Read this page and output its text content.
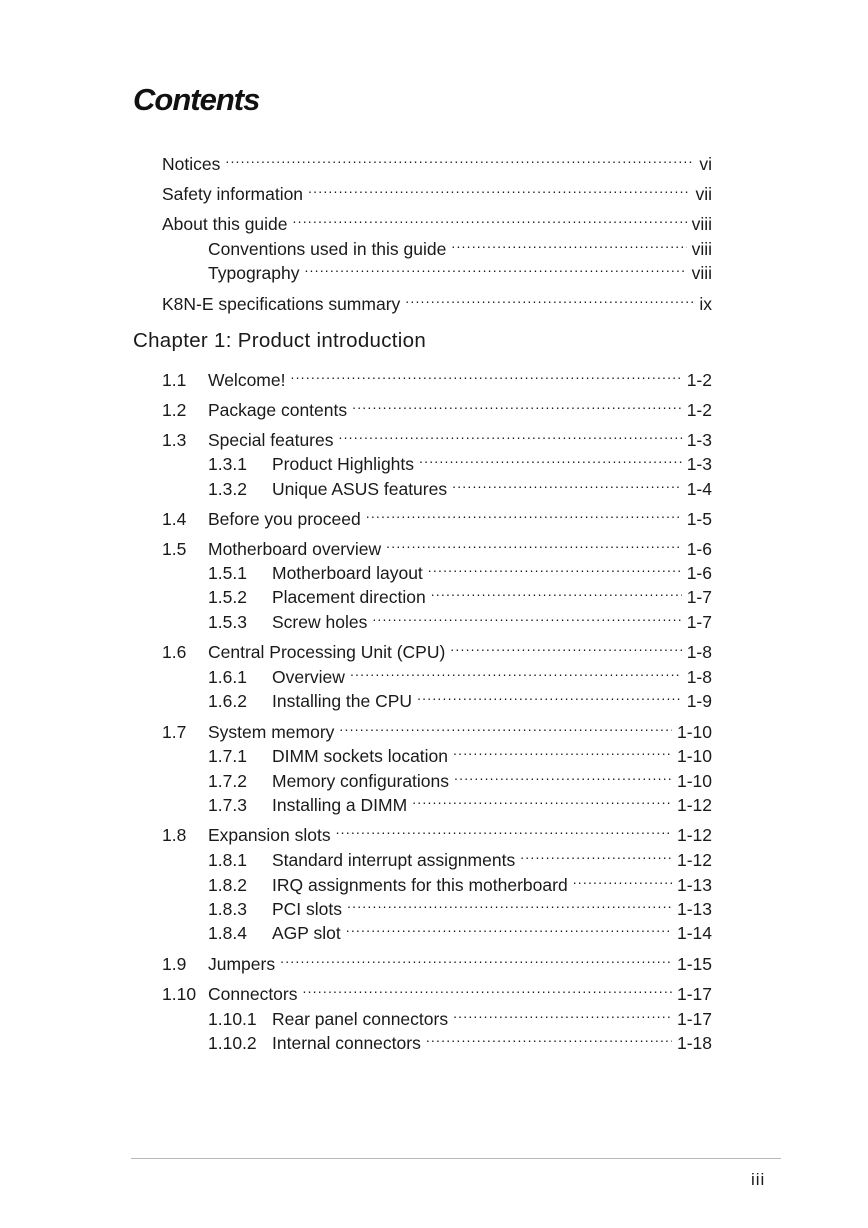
Contents
Notices .....	vi
Safety information .....	vii
About this guide .....	viii
Conventions used in this guide .....	viii
Typography .....	viii
K8N-E specifications summary .....	ix
Chapter 1: Product introduction
1.1	Welcome! .....	1-2
1.2	Package contents .....	1-2
1.3	Special features .....	1-3
1.3.1	Product Highlights .....	1-3
1.3.2	Unique ASUS features .....	1-4
1.4	Before you proceed .....	1-5
1.5	Motherboard overview .....	1-6
1.5.1	Motherboard layout .....	1-6
1.5.2	Placement direction .....	1-7
1.5.3	Screw holes .....	1-7
1.6	Central Processing Unit (CPU) .....	1-8
1.6.1	Overview .....	1-8
1.6.2	Installing the CPU .....	1-9
1.7	System memory .....	1-10
1.7.1	DIMM sockets location .....	1-10
1.7.2	Memory configurations .....	1-10
1.7.3	Installing a DIMM .....	1-12
1.8	Expansion slots .....	1-12
1.8.1	Standard interrupt assignments .....	1-12
1.8.2	IRQ assignments for this motherboard .....	1-13
1.8.3	PCI slots .....	1-13
1.8.4	AGP slot .....	1-14
1.9	Jumpers .....	1-15
1.10 Connectors .....	1-17
1.10.1 Rear panel connectors .....	1-17
1.10.2 Internal connectors .....	1-18
iii
